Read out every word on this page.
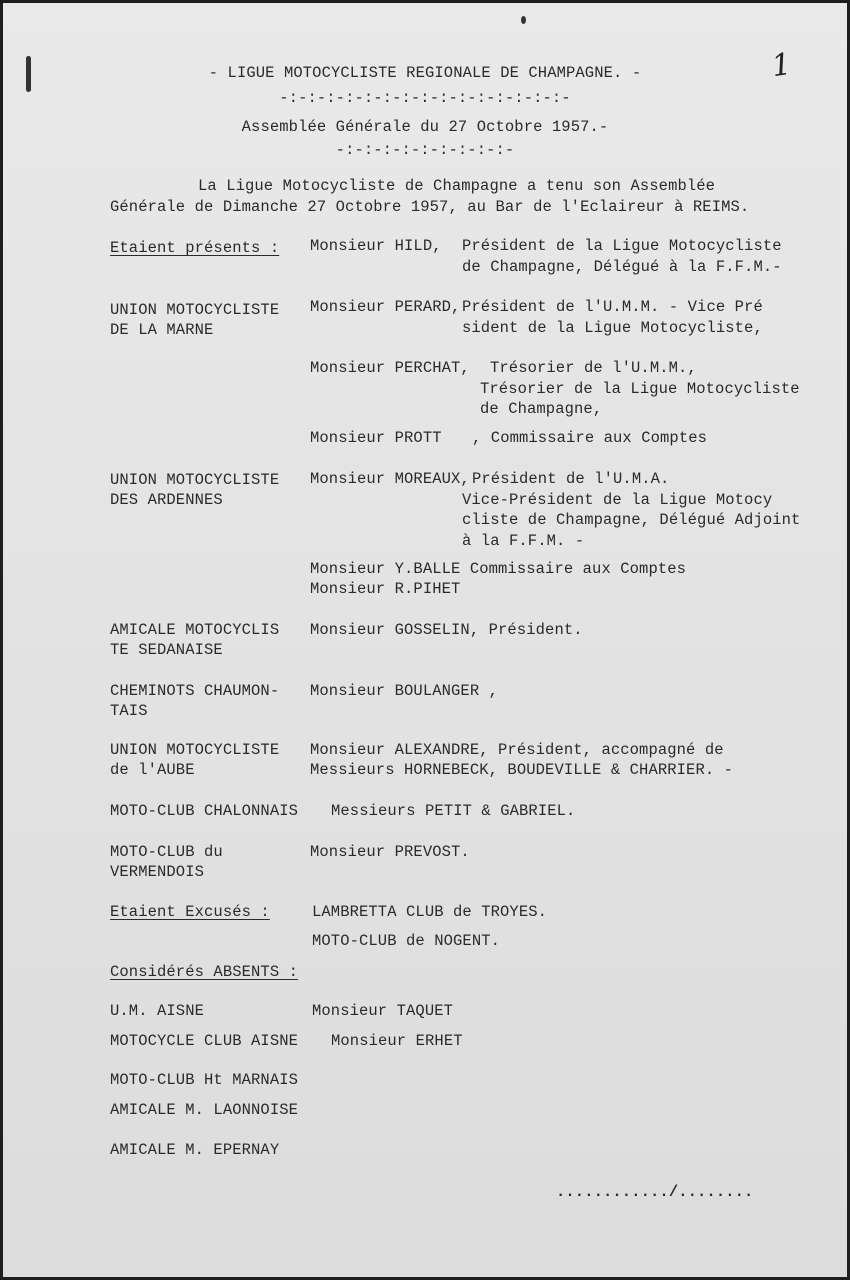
1
- LIGUE MOTOCYCLISTE REGIONALE DE CHAMPAGNE. -
-:-:-:-:-:-:-:-:-:-:-:-:-:-:-:-
Assemblée Générale du 27 Octobre 1957.-
-:-:-:-:-:-:-:-:-:-
La Ligue Motocycliste de Champagne a tenu son Assemblée
Générale de Dimanche 27 Octobre 1957, au Bar de l'Eclaireur à REIMS.
Etaient présents : Monsieur HILD, Président de la Ligue Motocycliste
de Champagne, Délégué à la F.F.M.-
UNION MOTOCYCLISTE
DE LA MARNE
Monsieur PERARD, Président de l'U.M.M. - Vice Pré
sident de la Ligue Motocycliste,
Monsieur PERCHAT, Trésorier de l'U.M.M.,
Trésorier de la Ligue Motocycliste
de Champagne,
Monsieur PROTT , Commissaire aux Comptes
UNION MOTOCYCLISTE
DES ARDENNES
Monsieur MOREAUX, Président de l'U.M.A.
Vice-Président de la Ligue Motocy
cliste de Champagne, Délégué Adjoint
à la F.F.M. -
Monsieur Y.BALLE Commissaire aux Comptes
Monsieur R.PIHET
AMICALE MOTOCYCLIS
TE SEDANAISE
Monsieur GOSSELIN, Président.
CHEMINOTS CHAUMON-
TAIS
Monsieur BOULANGER ,
UNION MOTOCYCLISTE
de l'AUBE
Monsieur ALEXANDRE, Président, accompagné de
Messieurs HORNEBECK, BOUDEVILLE & CHARRIER. -
MOTO-CLUB CHALONNAIS Messieurs PETIT & GABRIEL.
MOTO-CLUB du
VERMENDOIS
Monsieur PREVOST.
Etaient Excusés :	LAMBRETTA CLUB de TROYES.
MOTO-CLUB de NOGENT.
Considérés ABSENTS :
U.M. AISNE	Monsieur TAQUET
MOTOCYCLE CLUB AISNE Monsieur ERHET
MOTO-CLUB Ht MARNAIS
AMICALE M. LAONNOISE
AMICALE M. EPERNAY
............/........
